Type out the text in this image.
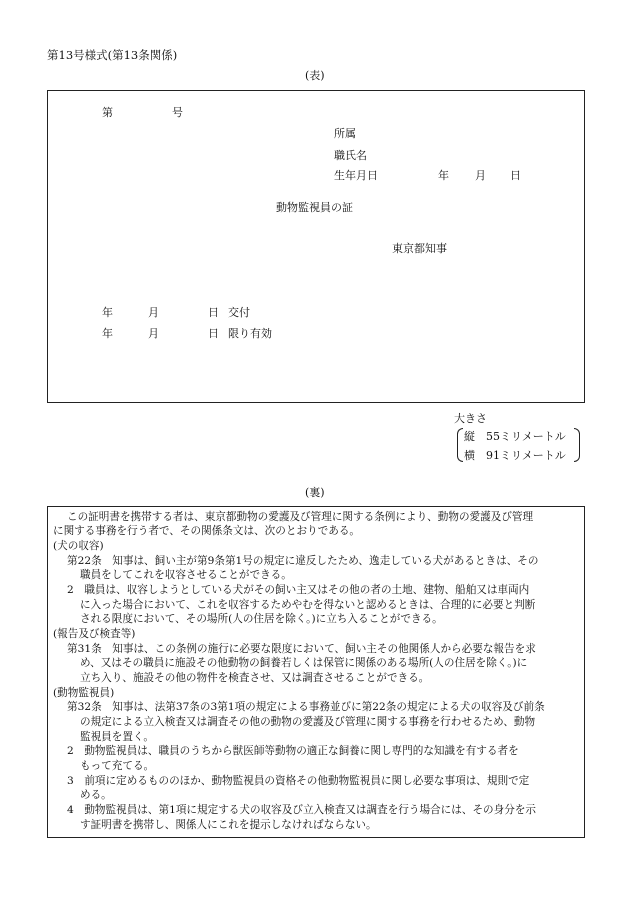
第13号様式(第13条関係)
(表)
第	号
所属
職氏名
生年月日	年 月 日
動物監視員の証
東京都知事
年	月	日 交付
年	月	日 限り有効
大きさ
縦　55ミリメートル
横　91ミリメートル
(裏)
この証明書を携帯する者は、東京都動物の愛護及び管理に関する条例により、動物の愛護及び管理
に関する事務を行う者で、その関係条文は、次のとおりである。
(犬の収容)
第22条　知事は、飼い主が第9条第1号の規定に違反したため、逸走している犬があるときは、その
職員をしてこれを収容させることができる。
2　職員は、収容しようとしている犬がその飼い主又はその他の者の土地、建物、船舶又は車両内
に入った場合において、これを収容するためやむを得ないと認めるときは、合理的に必要と判断
される限度において、その場所(人の住居を除く。)に立ち入ることができる。
(報告及び検査等)
第31条　知事は、この条例の施行に必要な限度において、飼い主その他関係人から必要な報告を求
め、又はその職員に施設その他動物の飼養若しくは保管に関係のある場所(人の住居を除く。)に
立ち入り、施設その他の物件を検査させ、又は調査させることができる。
(動物監視員)
第32条　知事は、法第37条の3第1項の規定による事務並びに第22条の規定による犬の収容及び前条
の規定による立入検査又は調査その他の動物の愛護及び管理に関する事務を行わせるため、動物
監視員を置く。
2　動物監視員は、職員のうちから獣医師等動物の適正な飼養に関し専門的な知識を有する者を
もって充てる。
3　前項に定めるもののほか、動物監視員の資格その他動物監視員に関し必要な事項は、規則で定
める。
4　動物監視員は、第1項に規定する犬の収容及び立入検査又は調査を行う場合には、その身分を示
す証明書を携帯し、関係人にこれを提示しなければならない。
